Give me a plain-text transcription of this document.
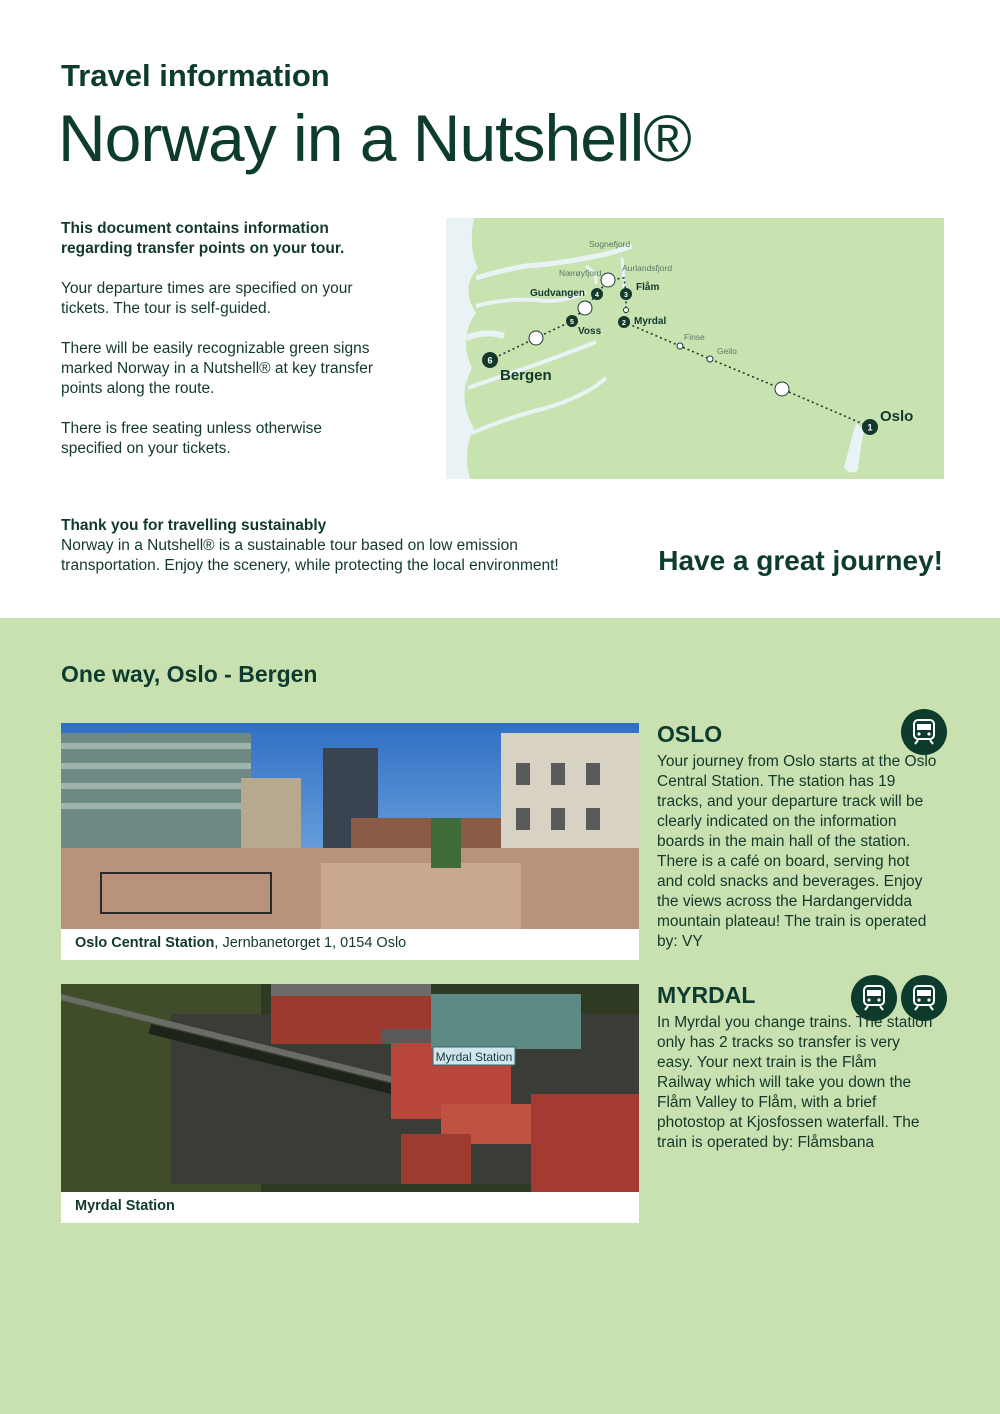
Travel information
Norway in a Nutshell®

This document contains information regarding transfer points on your tour.

Your departure times are specified on your tickets. The tour is self-guided.

There will be easily recognizable green signs marked Norway in a Nutshell® at key transfer points along the route.

There is free seating unless otherwise specified on your tickets.

6
5
4	3
2
1
Sognefjord
Nærøyfjord Aurlandsfjord
Gudvangen
Flåm
Myrdal
Voss	Finse
Geilo
Bergen
Oslo
Thank you for travelling sustainably
Norway in a Nutshell® is a sustainable tour based on low emission transportation. Enjoy the scenery, while protecting the local environment!	Have a great journey!
One way, Oslo - Bergen
Oslo Central Station, Jernbanetorget 1, 0154 Oslo
OSLO
Your journey from Oslo starts at the Oslo Central Station. The station has 19 tracks, and your departure track will be clearly indicated on the information boards in the main hall of the station. There is a café on board, serving hot and cold snacks and beverages. Enjoy the views across the Hardangervidda mountain plateau! The train is operated by: VY
Myrdal Station
Myrdal Station
MYRDAL
In Myrdal you change trains. The station only has 2 tracks so transfer is very easy. Your next train is the Flåm Railway which will take you down the Flåm Valley to Flåm, with a brief photostop at Kjosfossen waterfall. The train is operated by: Flåmsbana
